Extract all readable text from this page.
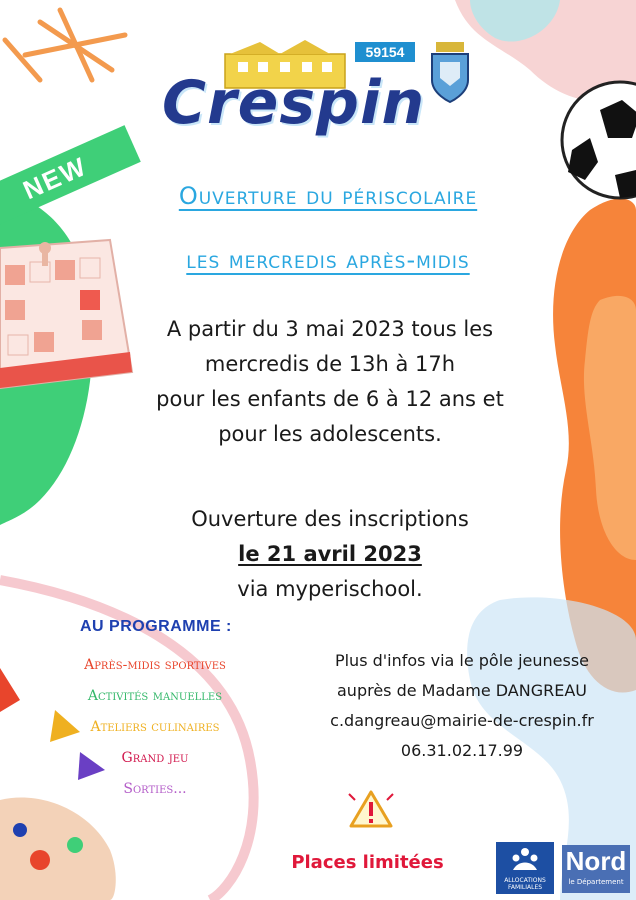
59154
Crespin
NEW	Ouverture du périscolaire
les mercredis après-midis
A partir du 3 mai 2023 tous les
mercredis de 13h à 17h
pour les enfants de 6 à 12 ans et
pour les adolescents.
Ouverture des inscriptions
le 21 avril 2023
via myperischool.
AU PROGRAMME :
Après-midis sportives
Activités manuelles
Ateliers culinaires
Grand jeu
Sorties...
Plus d'infos via le pôle jeunesse
auprès de Madame DANGREAU
c.dangreau@mairie-de-crespin.fr
06.31.02.17.99
Places limitées
ALLOCATIONS FAMILIALES
Nord
le Département
